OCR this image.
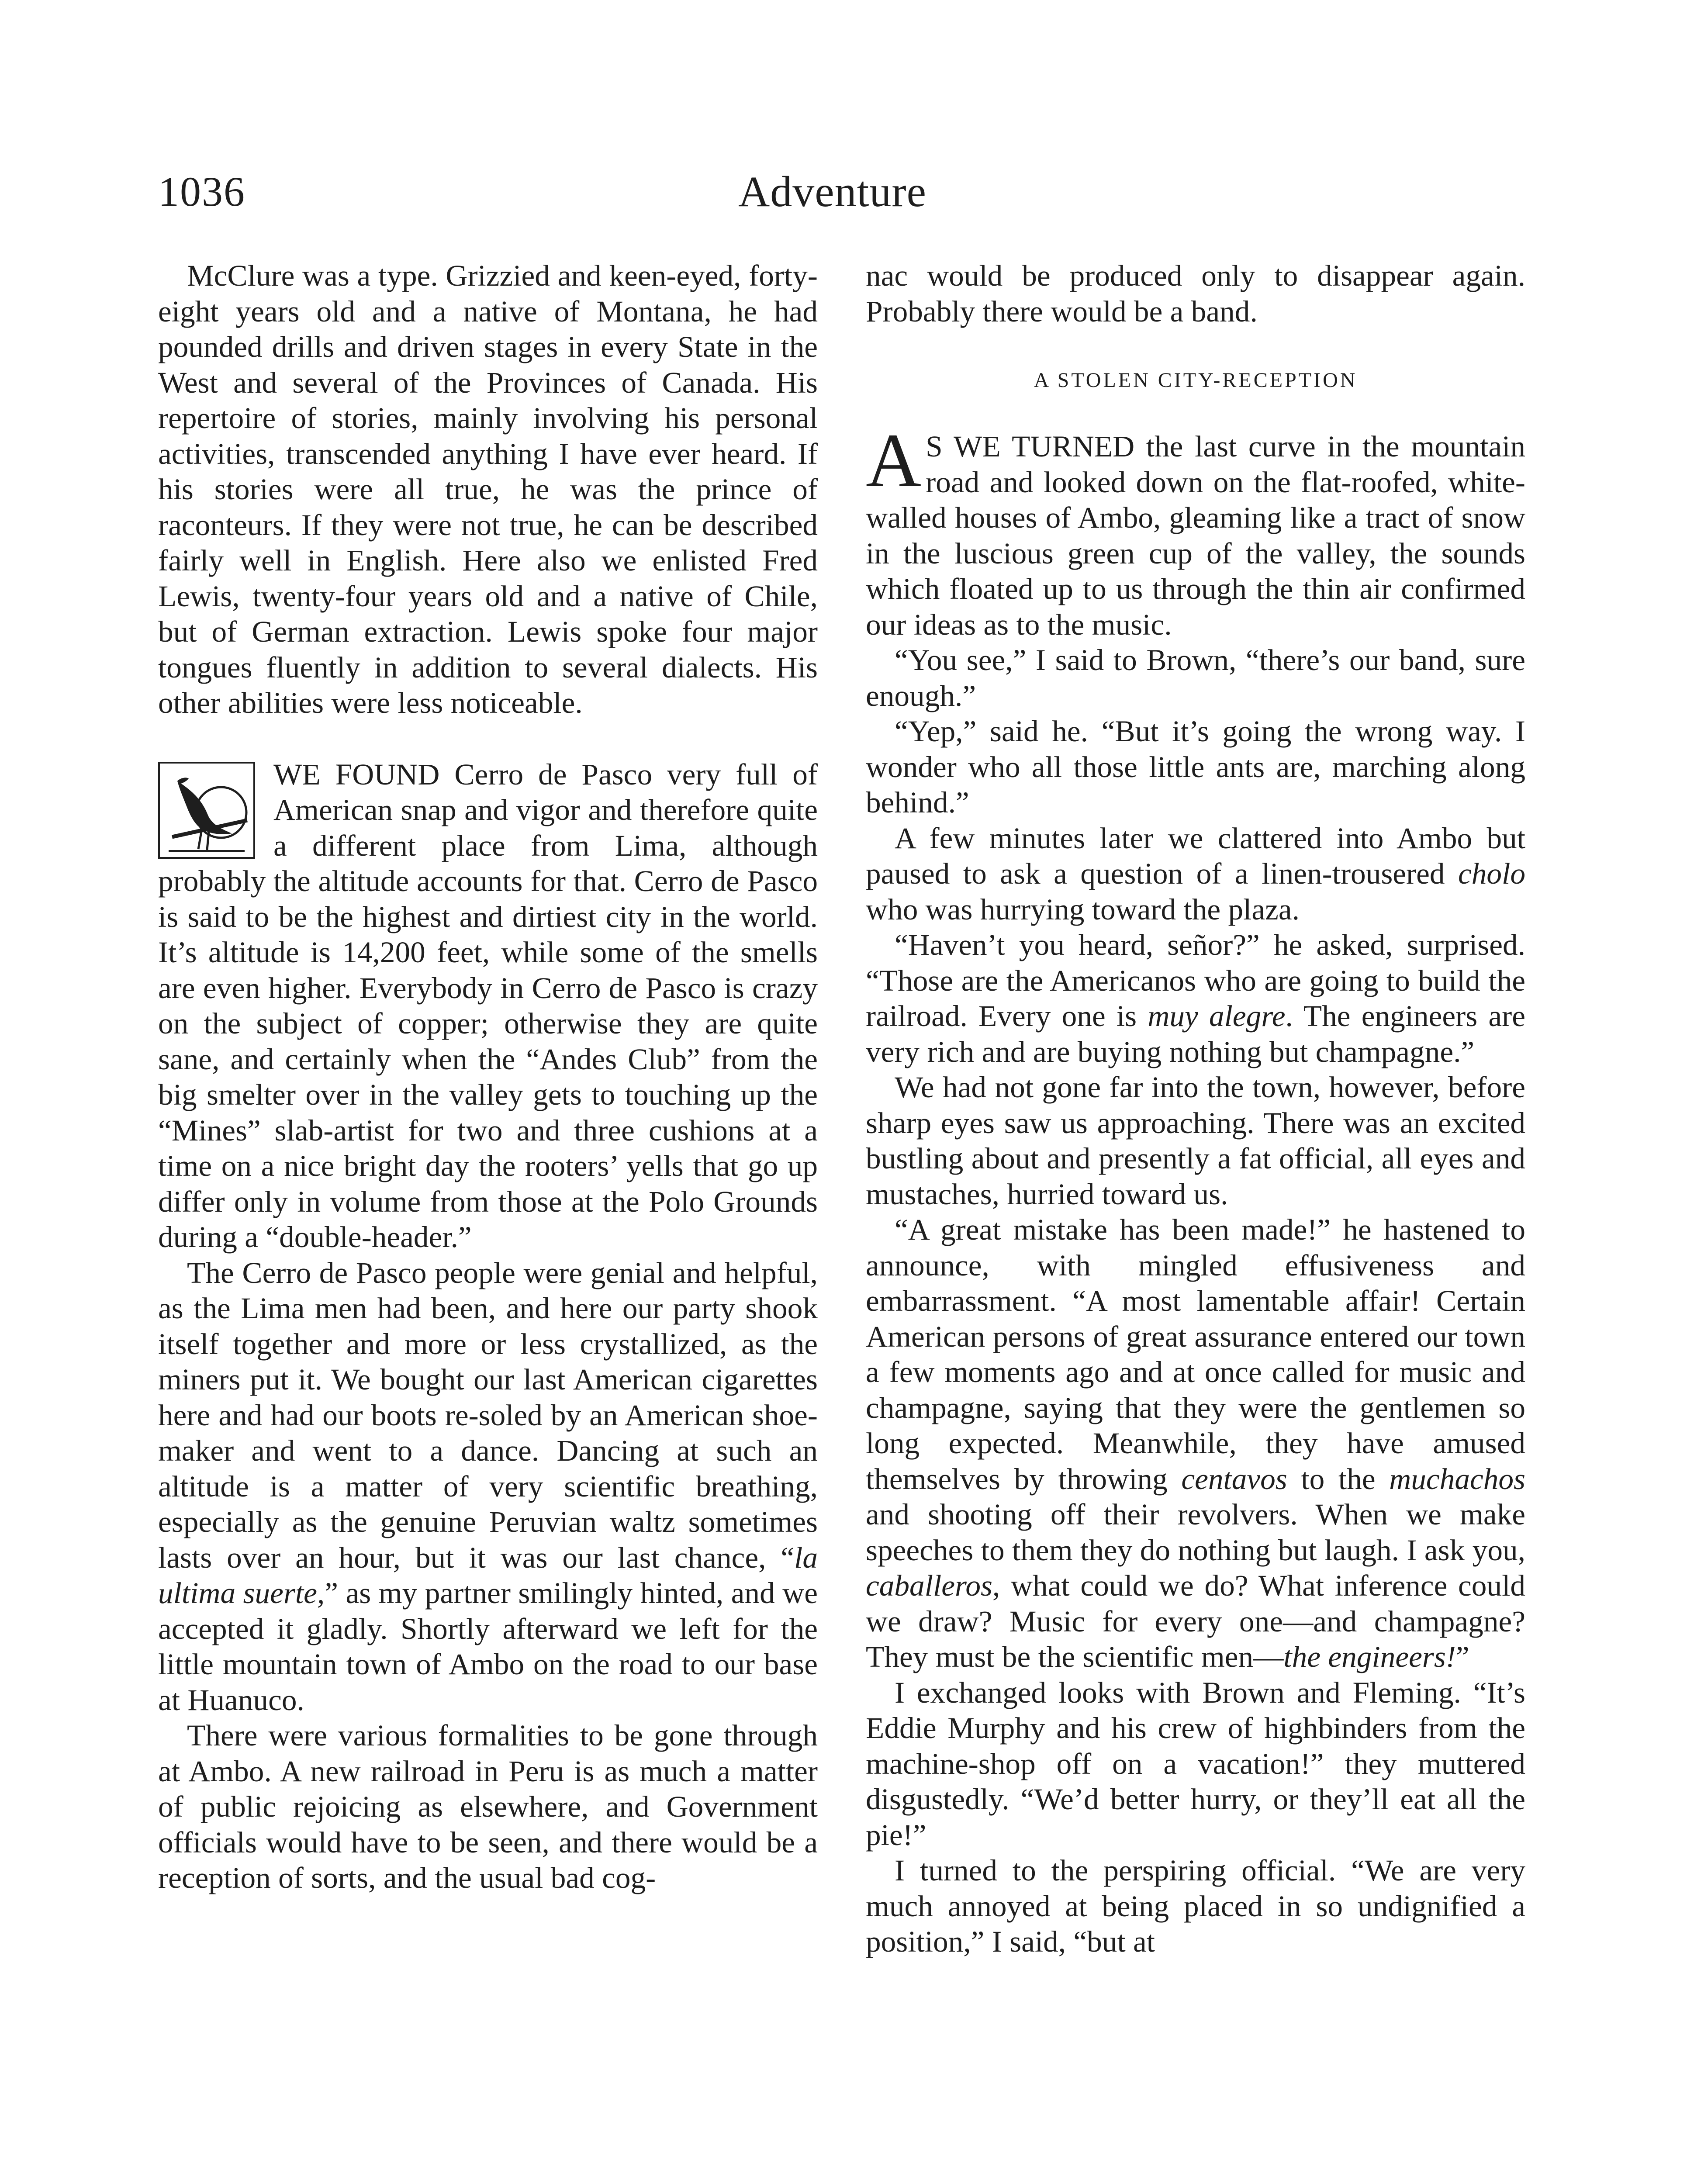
1036	Adventure

McClure was a type. Grizzied and keen-eyed, forty-eight years old and a native of Montana, he had pounded drills and driven stages in every State in the West and several of the Provinces of Canada. His repertoire of stories, mainly involving his personal activities, transcended anything I have ever heard. If his stories were all true, he was the prince of raconteurs. If they were not true, he can be described fairly well in English. Here also we enlisted Fred Lewis, twenty-four years old and a native of Chile, but of German extraction. Lewis spoke four major tongues fluently in addition to several dialects. His other abilities were less noticeable.

WE FOUND Cerro de Pasco very full of American snap and vigor and therefore quite a different place from Lima, although probably the altitude accounts for that. Cerro de Pasco is said to be the highest and dirtiest city in the world. It’s altitude is 14,200 feet, while some of the smells are even higher. Everybody in Cerro de Pasco is crazy on the subject of copper; otherwise they are quite sane, and certainly when the “Andes Club” from the big smelter over in the valley gets to touching up the “Mines” slab-artist for two and three cushions at a time on a nice bright day the rooters’ yells that go up differ only in volume from those at the Polo Grounds during a “double-header.”

The Cerro de Pasco people were genial and helpful, as the Lima men had been, and here our party shook itself together and more or less crystallized, as the miners put it. We bought our last American cigarettes here and had our boots re-soled by an American shoe-maker and went to a dance. Dancing at such an altitude is a matter of very scientific breathing, especially as the genuine Peruvian waltz sometimes lasts over an hour, but it was our last chance, “la ultima suerte,” as my partner smilingly hinted, and we accepted it gladly. Shortly afterward we left for the little mountain town of Ambo on the road to our base at Huanuco.

There were various formalities to be gone through at Ambo. A new railroad in Peru is as much a matter of public rejoicing as elsewhere, and Government officials would have to be seen, and there would be a reception of sorts, and the usual bad cog-

nac would be produced only to disappear again. Probably there would be a band.

A STOLEN CITY-RECEPTION

A S WE TURNED the last curve in the mountain road and looked down on the flat-roofed, white-walled houses of Ambo, gleaming like a tract of snow in the luscious green cup of the valley, the sounds which floated up to us through the thin air confirmed our ideas as to the music.

“You see,” I said to Brown, “there’s our band, sure enough.”

“Yep,” said he. “But it’s going the wrong way. I wonder who all those little ants are, marching along behind.”

A few minutes later we clattered into Ambo but paused to ask a question of a linen-trousered cholo who was hurrying toward the plaza.

“Haven’t you heard, señor?” he asked, surprised. “Those are the Americanos who are going to build the railroad. Every one is muy alegre. The engineers are very rich and are buying nothing but champagne.”

We had not gone far into the town, however, before sharp eyes saw us approaching. There was an excited bustling about and presently a fat official, all eyes and mustaches, hurried toward us.

“A great mistake has been made!” he hastened to announce, with mingled effusiveness and embarrassment. “A most lamentable affair! Certain American persons of great assurance entered our town a few moments ago and at once called for music and champagne, saying that they were the gentlemen so long expected. Meanwhile, they have amused themselves by throwing centavos to the muchachos and shooting off their revolvers. When we make speeches to them they do nothing but laugh. I ask you, caballeros, what could we do? What inference could we draw? Music for every one—and champagne? They must be the scientific men—the engineers!”

I exchanged looks with Brown and Fleming. “It’s Eddie Murphy and his crew of highbinders from the machine-shop off on a vacation!” they muttered disgustedly. “We’d better hurry, or they’ll eat all the pie!”

I turned to the perspiring official. “We are very much annoyed at being placed in so undignified a position,” I said, “but at
